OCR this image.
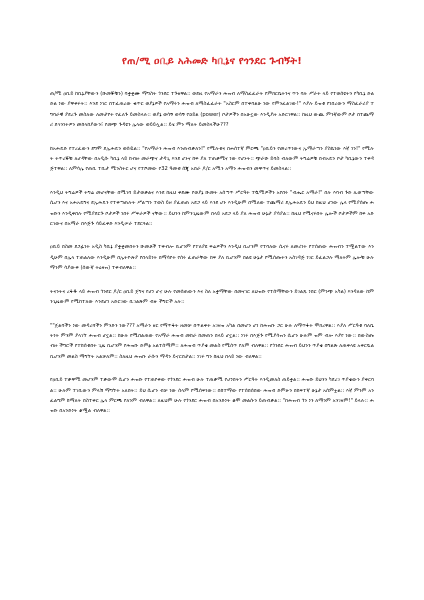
የጠ/ሚ ዐቢይ አሕመድ ካቢኔና የጎንደር ጉብኝት!

ጠ/ሚ ዐቢይ ከቢኔያቸውን (ሹመኞቹን) ባቋቋሙ ማግስት ጎንደር ተጉዘዋል:: ወደዚ የአማራን ሕዝብ ለማስፈፈራት የምክርቤትንና ጥን ባሉ ሥራት ላይ የተወሰዩትን የካቢኔ ድልድል ነው ያዋቀሩት:: እንደ ነገር በተፈጠረው ቁጥር ወያኔዎች የአማሩን ሕዝብ ለማስፈፈራት "አስርም በተቀባልሁ ነው የምንፈልገው!" እያሉ ይዝቱ የነበረውን ማስፈራሪያ ተግባራዊ ያደረጉ መስለው ለመታየት የፈለጉ ይመስላሉ:: ወያኔ ወሳኝ ወሳኝ የኃይል (power) ቦታዎችን በአሁኗው እንዲያዙ አድርገዋል:: ከዚህ ውጪ ምንኛውም ቦታ በተጨማሪ ደኅንነትዎን መከላከያውን፣ የመጭ ጉዳዩን ሌላው ወይይሏል:: ይሄ ምን ማለት ይመስላችሁ???

ከአሕዴድ የተረፈውን ደግሞ ደኢሕዴን ወሰዷል:: "የአማራን ሕዝብ እንጠብቃለን!" የሚሉቱና በሐሰተኛ ምርጫ "ዐቢይን የመረጥነውና ኢማራጣን ያስኬነው እኛ ነን!" የሚሉት ትጥረኞቹ ለሆዳቸው በአዲሱ ካቢኔ ላይ ከብዙ መራጭና ታዳጊ እንደ ሆኑና ከፍ ያለ ተጠቃሚና ነው የሆኑት:: ጭራሹ ይባስ ብለውም ትግሬዎቹ በብአዴን ቦታ ካቢኔውን ተቀዳጅተዋል:: ለምሳሌ የጠቢ ተቢታ ሚንስትር ሆና የተሾመው የ32 ዓመቱ ሰጂ አበራ ዶ/ር አሚን አማን ሕዝብን መዋጥና ይመስላል::

እንዲህ ትግሬዎች ትግሬ መሆናቸው በሚገባ ይታወቃልና እንደ ከዚህ ቀደሙ የወያኔ ሹመት አሰጣጥ ሥርዓት ተሿሚዎችን አየበሩ "ብሔር አማራ!" በሉ እባብ ጉድ ሊወጣቸው ሲሆን እና አሕአዴግና ደኢሕዴን የተቀጣጠሉት ሥልጣን ተወስ ይዞ ያፈጠጠ አደጋ ላይ እንደ ሆኑ እንዲሁም በሚለው ተጨማሪ ደኢሕአዴን ይህ ከዚህ ሆነው ሌላ የሚያሰጡ ሕዝቡን እንዲቀበሉ የሚያደርጉ ቦታዎች ነበሩ ሥፍራዎች ናቸው:: ይህንን ከምንጊዜውም በላይ አደጋ ላይ ያለ ሕዝብ ሁኔታ ያሳያል:: ከዚህ የሚኖሩበት ሌሎች ቦታዎችም ከፍ አድርገውና በአማራ በእጅጉ ሳይፈቀድ እንዲሠራ ተደርጓል::

ዐቢይ በስመ ደጋፊነት አዲስ ካቢኔ ያቋቋመበትን ሹመቶች ተቀብሎ ቢሆንም የተለያዩ ፍሬዎችን እንዲህ ቢሆንም የተባለው ሲኖሩ ለመሪነት የተሰጠው ሕዝብን ተሟልተው እንዲሁም በሌላ ተጠልለው እንዲሁም በኢትዮጵያ የበላይነት በማሳየት የሰሩ ፈጠራቸው ከፍ ያለ ቢሆንም በልዩ ሁኔታ የሚሰጡትን አስገዳጅ ነገር ይፈልጋሉ ማለትም ሌሎቹ ሁሉ ማንም ሳያውቅ (ሰውኛ ትዕዛዝ) ተቀብለዋል::

ትናንትና ረፋዱ ላይ ሕዝብ ጎንደር ዶ/ር ዐቢይ ጀግና የሆነ ሆኖ ሁሉ የመሰጠውን እና ስለ አቋማቸው በመናገር ለህዝቡ የተሰማቸውን ይገልጹ ነበር (ምንጭ አካል) እንዳለው ከምንጊዜውም የሚከተለው እንደሆነ አድርገው ቢገልጽም ብዙ ችግሮች አሉ::

""ጀልባችን ነው መዳረሻችን ምንድን ነው??? አማራን ዘር የማጥፋት ዘመቻ በጥልቀት አገዛዝ አካል በመሆን ሆነ ከሕዝቡ ጋር ሁሉ ለማጥፋት ሞክረዋል:: እያለ ሥርዓቱ ባለቤትነት ምንም ያላገኘ ሕዝብ ሆኗል:: ከሁሉ የሚበልጠው የአማራ ሕዝብ መከራ ከመጠን በላይ ሆኗል:: ነገሩ በእጅጉ የሚያሳዝን ሲሆን ሁሉም ዝም ብሎ እያየ ነው:: በውስጡ ብዙ ችግሮች የተከሰቱበት ጊዜ ቢሆንም የሕዝቡ ድምፅ አልተሰማም:: ለሕዝብ ጥያቄ መልስ የሚሰጥ የለም ብለዋል:: የጎንደር ሕዝብ ይህንን ጥያቄ በግልጽ ለጠቅላዩ አቅርቧል ቢሆንም መልስ ማግኘት አልቻለም:: ስለዚህ ሕዝቡ ራሱን ማዳን ይኖርበታል:: ነገሩ ግን ከዚህ በላይ ነው ብለዋል::

የዐቢይ ተቃዋሚ መሆንም ተቃውሞ ሲሆን ሕዝቡ የተጠየቀው የጎንደር ሕዝብ ሁሉ ተጠቃሚ የሆነበትን ሥርዓት እንዲመለስ ጠይቋል:: ሕዝቡ ይህንን ካደረገ ጥያቄውን ያቀርባል:: ሁሉም ተገቢውን ምላሽ ማግኘት አለበት:: ይህ ሲሆን ብቻ ነው ሰላም የሚሰፍነው:: በከተማው የተሰበሰበው ሕዝብ ድምፁን በከፍተኛ ሁኔታ አሰምቷል:: እኛ ምንም አንፈልግም ከማለት በስተቀር ሌላ ምርጫ የለንም ብለዋል:: ለዚህም ሁሉ የጎንደር ሕዝብ በአንድነት ቆሞ መልሱን ይጠብቃል:: "ከሕዝብ ጎን ነን ለማንም አንገዛም!" ይላሉ:: ሕዝቡ በአንድነት ቆሟል ብለዋል::
